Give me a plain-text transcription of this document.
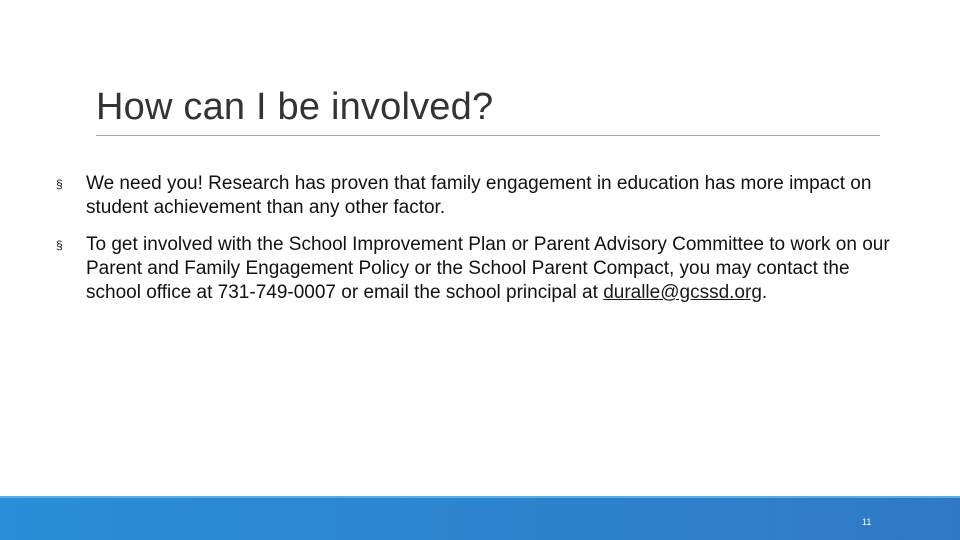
How can I be involved?
§ We need you! Research has proven that family engagement in education has more impact on student achievement than any other factor.
§ To get involved with the School Improvement Plan or Parent Advisory Committee to work on our Parent and Family Engagement Policy or the School Parent Compact, you may contact the school office at 731-749-0007 or email the school principal at duralle@gcssd.org.
11
